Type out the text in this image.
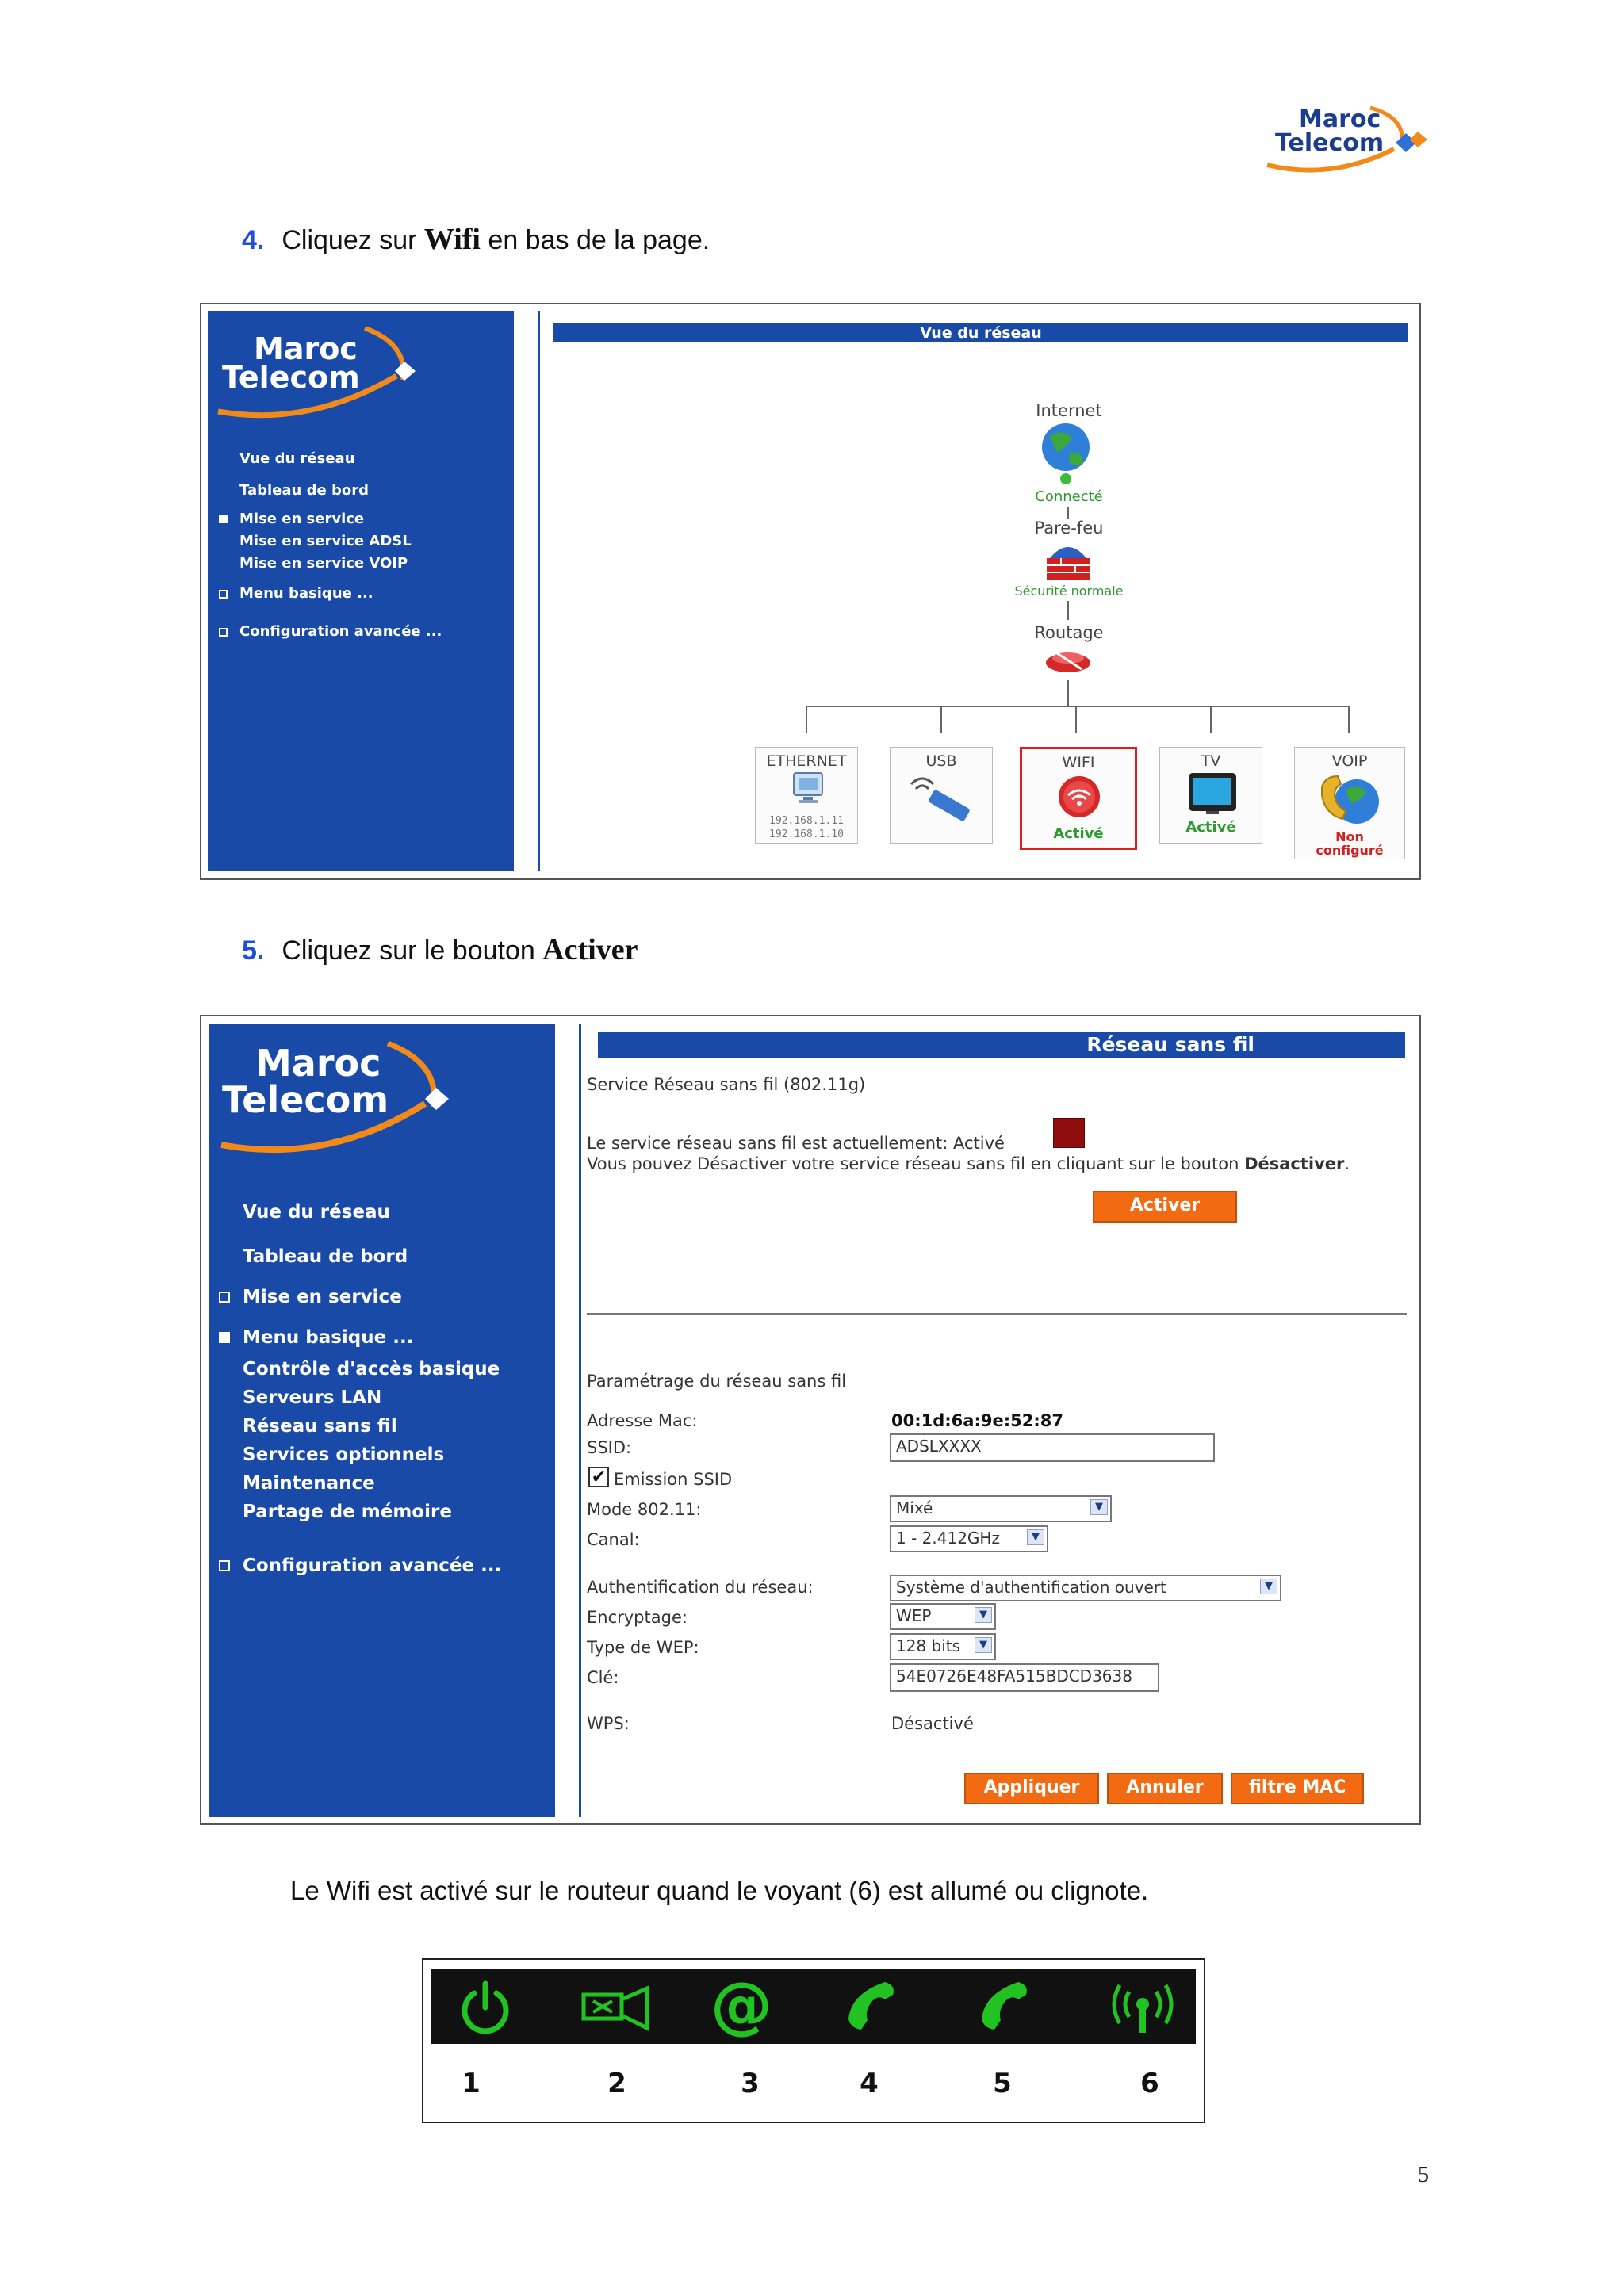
Maroc
Telecom
4. Cliquez sur Wifi en bas de la page.
Maroc
Telecom
Vue du réseau
Tableau de bord
Mise en service
Mise en service ADSL
Mise en service VOIP
Menu basique ...
Configuration avancée ...
Vue du réseau
Internet
Connecté
Pare-feu
Sécurité normale
Routage
ETHERNET
192.168.1.11
192.168.1.10
USB	WIFI
Activé
TV
Activé
VOIP
Non
configuré
5. Cliquez sur le bouton Activer
Maroc
Telecom
Vue du réseau
Tableau de bord
Mise en service
Menu basique ...
Contrôle d'accès basique
Serveurs LAN
Réseau sans fil
Services optionnels
Maintenance
Partage de mémoire
Configuration avancée ...
Réseau sans fil
Service Réseau sans fil (802.11g)
Le service réseau sans fil est actuellement: Activé
Vous pouvez Désactiver votre service réseau sans fil en cliquant sur le bouton Désactiver.
Activer
Paramétrage du réseau sans fil
Adresse Mac:	00:1d:6a:9e:52:87
SSID:	ADSLXXXX
✔ Emission SSID
Mode 802.11:	Mixé	▼
Canal:	1 - 2.412GHz	▼
Authentification du réseau:	Système d'authentification ouvert	▼
Encryptage:	WEP	▼
Type de WEP:	128 bits	▼
Clé:	54E0726E48FA515BDCD3638
WPS:	Désactivé
Appliquer	Annuler	filtre MAC
Le Wifi est activé sur le routeur quand le voyant (6) est allumé ou clignote.
@
1	2	3	4	5	6
5
